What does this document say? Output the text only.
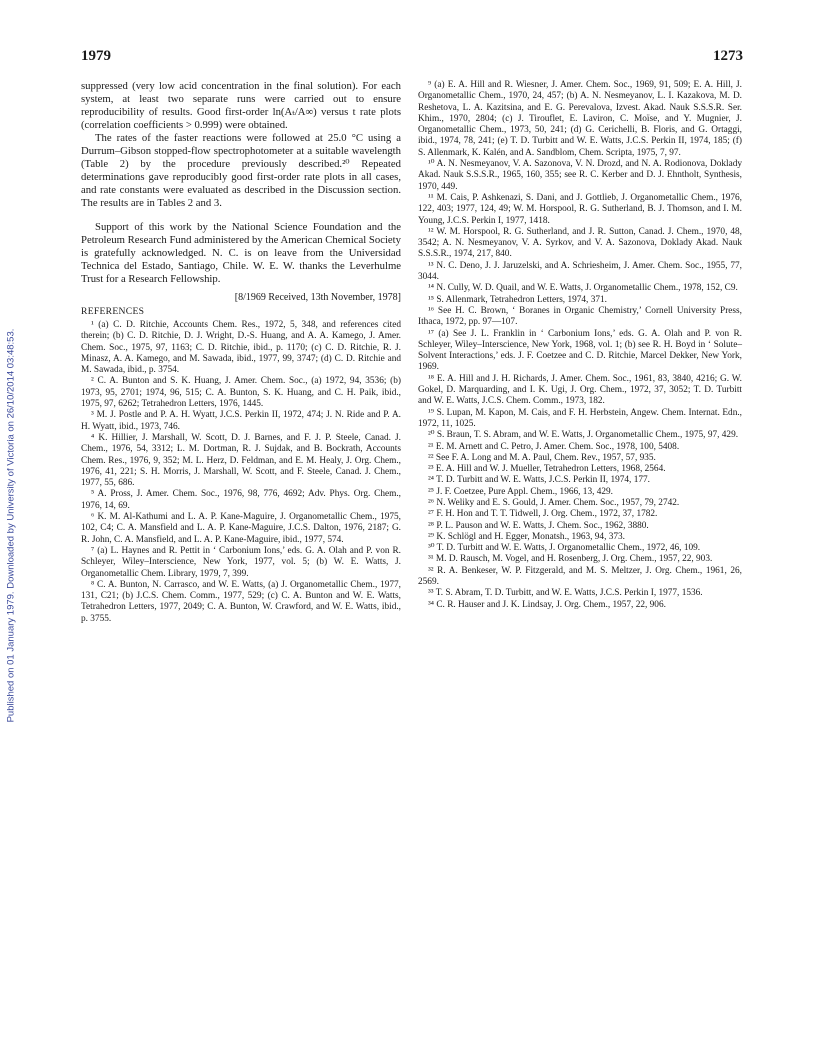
1979	1273
Published on 01 January 1979. Downloaded by University of Victoria on 26/10/2014 03:48:53.

suppressed (very low acid concentration in the final solution). For each system, at least two separate runs were carried out to ensure reproducibility of results. Good first-order ln(Aₜ/A∞) versus t rate plots (correlation coefficients > 0.999) were obtained.

The rates of the faster reactions were followed at 25.0 °C using a Durrum–Gibson stopped-flow spectrophotometer at a suitable wavelength (Table 2) by the procedure previously described.²⁰ Repeated determinations gave reproducibly good first-order rate plots in all cases, and rate constants were evaluated as described in the Discussion section. The results are in Tables 2 and 3.

Support of this work by the National Science Foundation and the Petroleum Research Fund administered by the American Chemical Society is gratefully acknowledged. N. C. is on leave from the Universidad Technica del Estado, Santiago, Chile. W. E. W. thanks the Leverhulme Trust for a Research Fellowship.

[8/1969 Received, 13th November, 1978]

REFERENCES

¹ (a) C. D. Ritchie, Accounts Chem. Res., 1972, 5, 348, and references cited therein; (b) C. D. Ritchie, D. J. Wright, D.-S. Huang, and A. A. Kamego, J. Amer. Chem. Soc., 1975, 97, 1163; C. D. Ritchie, ibid., p. 1170; (c) C. D. Ritchie, R. J. Minasz, A. A. Kamego, and M. Sawada, ibid., 1977, 99, 3747; (d) C. D. Ritchie and M. Sawada, ibid., p. 3754.

² C. A. Bunton and S. K. Huang, J. Amer. Chem. Soc., (a) 1972, 94, 3536; (b) 1973, 95, 2701; 1974, 96, 515; C. A. Bunton, S. K. Huang, and C. H. Paik, ibid., 1975, 97, 6262; Tetrahedron Letters, 1976, 1445.

³ M. J. Postle and P. A. H. Wyatt, J.C.S. Perkin II, 1972, 474; J. N. Ride and P. A. H. Wyatt, ibid., 1973, 746.

⁴ K. Hillier, J. Marshall, W. Scott, D. J. Barnes, and F. J. P. Steele, Canad. J. Chem., 1976, 54, 3312; L. M. Dortman, R. J. Sujdak, and B. Bockrath, Accounts Chem. Res., 1976, 9, 352; M. L. Herz, D. Feldman, and E. M. Healy, J. Org. Chem., 1976, 41, 221; S. H. Morris, J. Marshall, W. Scott, and F. Steele, Canad. J. Chem., 1977, 55, 686.

⁵ A. Pross, J. Amer. Chem. Soc., 1976, 98, 776, 4692; Adv. Phys. Org. Chem., 1976, 14, 69.

⁶ K. M. Al-Kathumi and L. A. P. Kane-Maguire, J. Organometallic Chem., 1975, 102, C4; C. A. Mansfield and L. A. P. Kane-Maguire, J.C.S. Dalton, 1976, 2187; G. R. John, C. A. Mansfield, and L. A. P. Kane-Maguire, ibid., 1977, 574.

⁷ (a) L. Haynes and R. Pettit in ‘ Carbonium Ions,’ eds. G. A. Olah and P. von R. Schleyer, Wiley–Interscience, New York, 1977, vol. 5; (b) W. E. Watts, J. Organometallic Chem. Library, 1979, 7, 399.

⁸ C. A. Bunton, N. Carrasco, and W. E. Watts, (a) J. Organometallic Chem., 1977, 131, C21; (b) J.C.S. Chem. Comm., 1977, 529; (c) C. A. Bunton and W. E. Watts, Tetrahedron Letters, 1977, 2049; C. A. Bunton, W. Crawford, and W. E. Watts, ibid., p. 3755.

⁹ (a) E. A. Hill and R. Wiesner, J. Amer. Chem. Soc., 1969, 91, 509; E. A. Hill, J. Organometallic Chem., 1970, 24, 457; (b) A. N. Nesmeyanov, L. I. Kazakova, M. D. Reshetova, L. A. Kazitsina, and E. G. Perevalova, Izvest. Akad. Nauk S.S.S.R. Ser. Khim., 1970, 2804; (c) J. Tirouflet, E. Laviron, C. Moïse, and Y. Mugnier, J. Organometallic Chem., 1973, 50, 241; (d) G. Cerichelli, B. Floris, and G. Ortaggi, ibid., 1974, 78, 241; (e) T. D. Turbitt and W. E. Watts, J.C.S. Perkin II, 1974, 185; (f) S. Allenmark, K. Kalén, and A. Sandblom, Chem. Scripta, 1975, 7, 97.

¹⁰ A. N. Nesmeyanov, V. A. Sazonova, V. N. Drozd, and N. A. Rodionova, Doklady Akad. Nauk S.S.S.R., 1965, 160, 355; see R. C. Kerber and D. J. Ehntholt, Synthesis, 1970, 449.

¹¹ M. Cais, P. Ashkenazi, S. Dani, and J. Gottlieb, J. Organometallic Chem., 1976, 122, 403; 1977, 124, 49; W. M. Horspool, R. G. Sutherland, B. J. Thomson, and I. M. Young, J.C.S. Perkin I, 1977, 1418.

¹² W. M. Horspool, R. G. Sutherland, and J. R. Sutton, Canad. J. Chem., 1970, 48, 3542; A. N. Nesmeyanov, V. A. Syrkov, and V. A. Sazonova, Doklady Akad. Nauk S.S.S.R., 1974, 217, 840.

¹³ N. C. Deno, J. J. Jaruzelski, and A. Schriesheim, J. Amer. Chem. Soc., 1955, 77, 3044.

¹⁴ N. Cully, W. D. Quail, and W. E. Watts, J. Organometallic Chem., 1978, 152, C9.

¹⁵ S. Allenmark, Tetrahedron Letters, 1974, 371.

¹⁶ See H. C. Brown, ‘ Boranes in Organic Chemistry,’ Cornell University Press, Ithaca, 1972, pp. 97—107.

¹⁷ (a) See J. L. Franklin in ‘ Carbonium Ions,’ eds. G. A. Olah and P. von R. Schleyer, Wiley–Interscience, New York, 1968, vol. 1; (b) see R. H. Boyd in ‘ Solute–Solvent Interactions,’ eds. J. F. Coetzee and C. D. Ritchie, Marcel Dekker, New York, 1969.

¹⁸ E. A. Hill and J. H. Richards, J. Amer. Chem. Soc., 1961, 83, 3840, 4216; G. W. Gokel, D. Marquarding, and I. K. Ugi, J. Org. Chem., 1972, 37, 3052; T. D. Turbitt and W. E. Watts, J.C.S. Chem. Comm., 1973, 182.

¹⁹ S. Lupan, M. Kapon, M. Cais, and F. H. Herbstein, Angew. Chem. Internat. Edn., 1972, 11, 1025.

²⁰ S. Braun, T. S. Abram, and W. E. Watts, J. Organometallic Chem., 1975, 97, 429.

²¹ E. M. Arnett and C. Petro, J. Amer. Chem. Soc., 1978, 100, 5408.

²² See F. A. Long and M. A. Paul, Chem. Rev., 1957, 57, 935.

²³ E. A. Hill and W. J. Mueller, Tetrahedron Letters, 1968, 2564.

²⁴ T. D. Turbitt and W. E. Watts, J.C.S. Perkin II, 1974, 177.

²⁵ J. F. Coetzee, Pure Appl. Chem., 1966, 13, 429.

²⁶ N. Weliky and E. S. Gould, J. Amer. Chem. Soc., 1957, 79, 2742.

²⁷ F. H. Hon and T. T. Tidwell, J. Org. Chem., 1972, 37, 1782.

²⁸ P. L. Pauson and W. E. Watts, J. Chem. Soc., 1962, 3880.

²⁹ K. Schlögl and H. Egger, Monatsh., 1963, 94, 373.

³⁰ T. D. Turbitt and W. E. Watts, J. Organometallic Chem., 1972, 46, 109.

³¹ M. D. Rausch, M. Vogel, and H. Rosenberg, J. Org. Chem., 1957, 22, 903.

³² R. A. Benkeser, W. P. Fitzgerald, and M. S. Meltzer, J. Org. Chem., 1961, 26, 2569.

³³ T. S. Abram, T. D. Turbitt, and W. E. Watts, J.C.S. Perkin I, 1977, 1536.

³⁴ C. R. Hauser and J. K. Lindsay, J. Org. Chem., 1957, 22, 906.
